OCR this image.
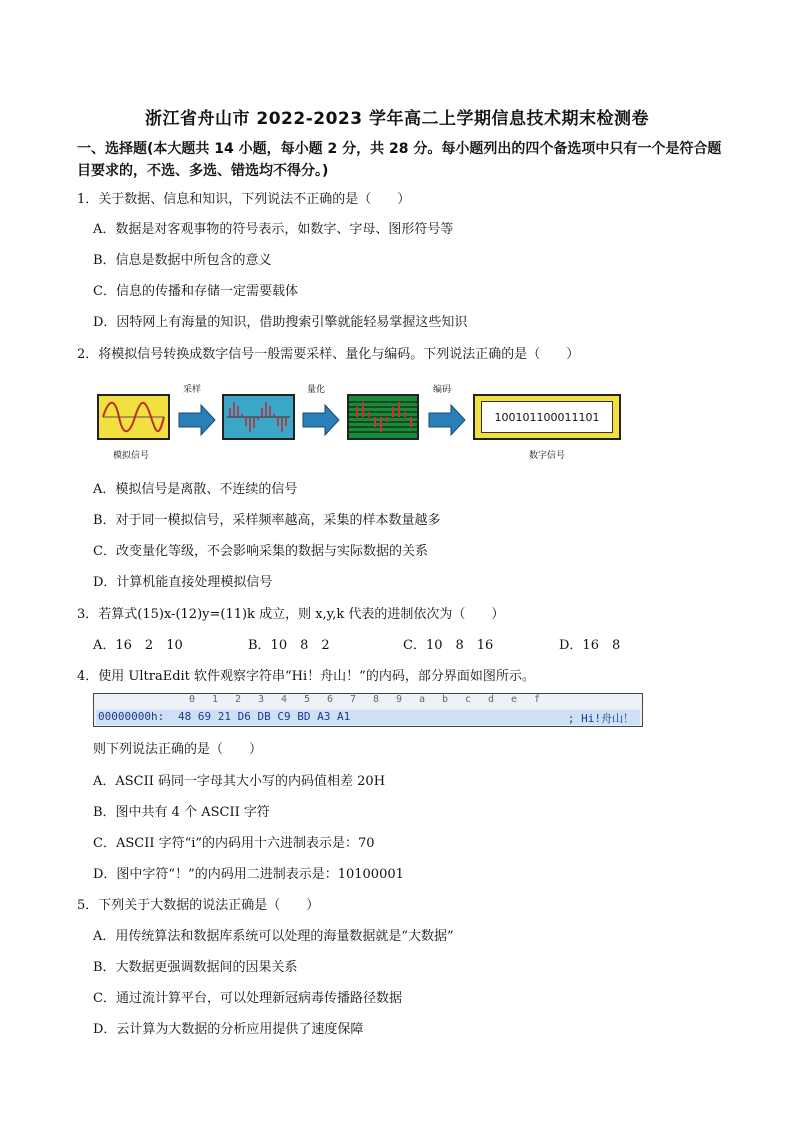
浙江省舟山市 2022-2023 学年高二上学期信息技术期末检测卷
一、选择题(本大题共 14 小题，每小题 2 分，共 28 分。每小题列出的四个备选项中只有一个是符合题目要求的，不选、多选、错选均不得分。)
1．关于数据、信息和知识，下列说法不正确的是（　　）
A．数据是对客观事物的符号表示，如数字、字母、图形符号等
B．信息是数据中所包含的意义
C．信息的传播和存储一定需要载体
D．因特网上有海量的知识，借助搜索引擎就能轻易掌握这些知识
2．将模拟信号转换成数字信号一般需要采样、量化与编码。下列说法正确的是（　　）
模拟信号
采样	量化	编码
100101100011101
数字信号
A．模拟信号是离散、不连续的信号
B．对于同一模拟信号，采样频率越高，采集的样本数量越多
C．改变量化等级，不会影响采集的数据与实际数据的关系
D．计算机能直接处理模拟信号
3．若算式(15)x-(12)y=(11)k 成立，则 x,y,k 代表的进制依次为（　　）
A．16　2　10	B．10　8　2	C．10　8　16	D．16　8
4．使用 UltraEdit 软件观察字符串“Hi！舟山！”的内码，部分界面如图所示。
0 1 2 3 4 5 6 7 8 9 a b c d e f
00000000h: 48 69 21 D6 DB C9 BD A3 A1	; Hi!舟山！
则下列说法正确的是（　　）
A．ASCII 码同一字母其大小写的内码值相差 20H
B．图中共有 4 个 ASCII 字符
C．ASCII 字符“i”的内码用十六进制表示是：70
D．图中字符“！”的内码用二进制表示是：10100001
5．下列关于大数据的说法正确是（　　）
A．用传统算法和数据库系统可以处理的海量数据就是“大数据”
B．大数据更强调数据间的因果关系
C．通过流计算平台，可以处理新冠病毒传播路径数据
D．云计算为大数据的分析应用提供了速度保障
